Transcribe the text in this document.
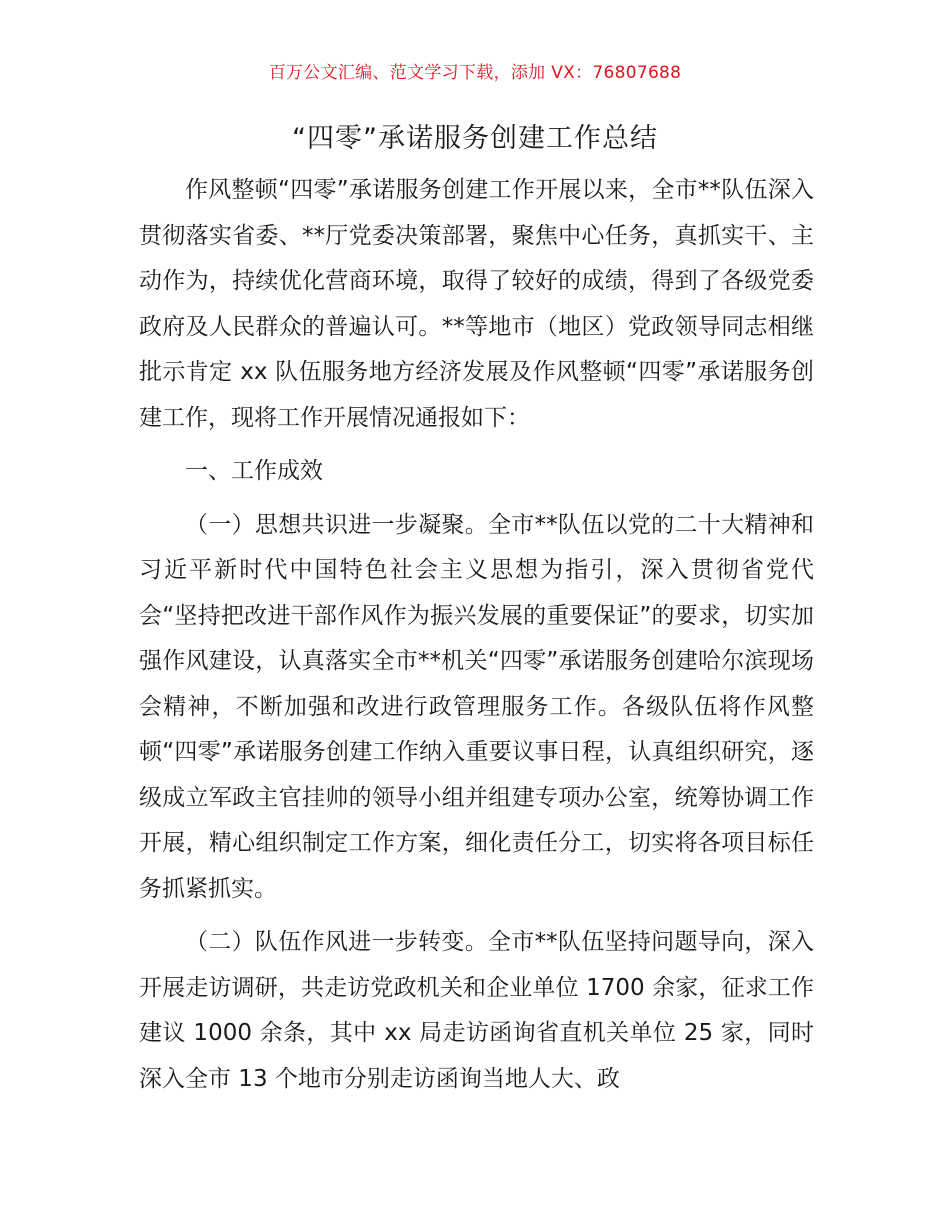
百万公文汇编、范文学习下载，添加 VX：76807688
“四零”承诺服务创建工作总结

作风整顿“四零”承诺服务创建工作开展以来，全市**队伍深入贯彻落实省委、**厅党委决策部署，聚焦中心任务，真抓实干、主动作为，持续优化营商环境，取得了较好的成绩，得到了各级党委政府及人民群众的普遍认可。**等地市（地区）党政领导同志相继批示肯定 xx 队伍服务地方经济发展及作风整顿“四零”承诺服务创建工作，现将工作开展情况通报如下：

一、工作成效

（一）思想共识进一步凝聚。全市**队伍以党的二十大精神和习近平新时代中国特色社会主义思想为指引，深入贯彻省党代会“坚持把改进干部作风作为振兴发展的重要保证”的要求，切实加强作风建设，认真落实全市**机关“四零”承诺服务创建哈尔滨现场会精神，不断加强和改进行政管理服务工作。各级队伍将作风整顿“四零”承诺服务创建工作纳入重要议事日程，认真组织研究，逐级成立军政主官挂帅的领导小组并组建专项办公室，统筹协调工作开展，精心组织制定工作方案，细化责任分工，切实将各项目标任务抓紧抓实。

（二）队伍作风进一步转变。全市**队伍坚持问题导向，深入开展走访调研，共走访党政机关和企业单位 1700 余家，征求工作建议 1000 余条，其中 xx 局走访函询省直机关单位 25 家，同时深入全市 13 个地市分别走访函询当地人大、政
